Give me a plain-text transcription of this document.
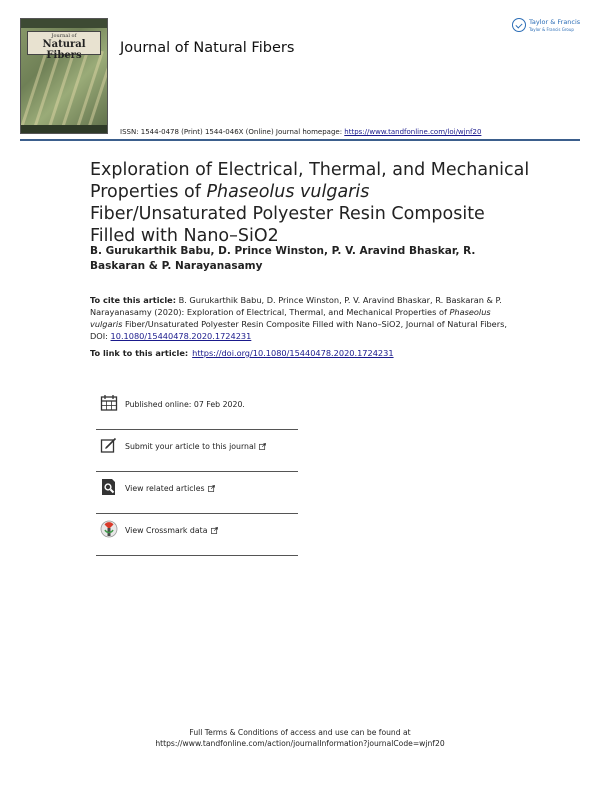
Journal of
Natural Fibers	Journal of Natural Fibers
Taylor & Francis
Taylor & Francis Group
ISSN: 1544-0478 (Print) 1544-046X (Online) Journal homepage: https://www.tandfonline.com/loi/wjnf20
Exploration of Electrical, Thermal, and Mechanical Properties of Phaseolus vulgaris Fiber/Unsaturated Polyester Resin Composite Filled with Nano–SiO2
B. Gurukarthik Babu, D. Prince Winston, P. V. Aravind Bhaskar, R. Baskaran & P. Narayanasamy
To cite this article: B. Gurukarthik Babu, D. Prince Winston, P. V. Aravind Bhaskar, R. Baskaran & P. Narayanasamy (2020): Exploration of Electrical, Thermal, and Mechanical Properties of Phaseolus vulgaris Fiber/Unsaturated Polyester Resin Composite Filled with Nano–SiO2, Journal of Natural Fibers, DOI: 10.1080/15440478.2020.1724231
To link to this article: https://doi.org/10.1080/15440478.2020.1724231
Published online: 07 Feb 2020.
Submit your article to this journal
View related articles
View Crossmark data
Full Terms & Conditions of access and use can be found at
https://www.tandfonline.com/action/journalInformation?journalCode=wjnf20
